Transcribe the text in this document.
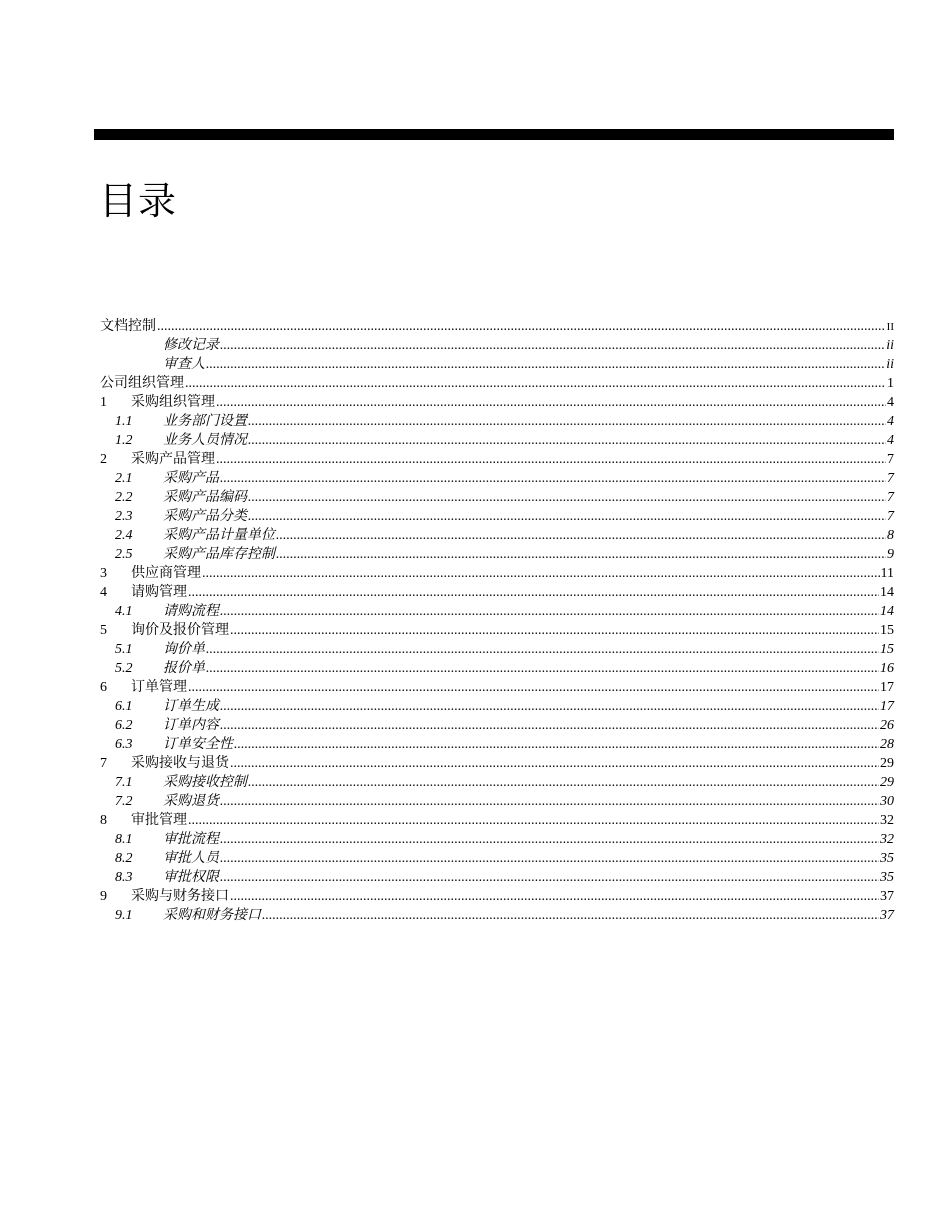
目录
文档控制 .....	II
修改记录 .....	ii
审查人 .....	ii
公司组织管理 .....	1
1	采购组织管理 .....	4
1.1	业务部门设置 .....	4
1.2	业务人员情况 .....	4
2	采购产品管理 .....	7
2.1	采购产品 .....	7
2.2	采购产品编码 .....	7
2.3	采购产品分类 .....	7
2.4	采购产品计量单位 .....	8
2.5	采购产品库存控制 .....	9
3	供应商管理 .....	11
4	请购管理 .....	14
4.1	请购流程 .....	14
5	询价及报价管理 .....	15
5.1	询价单 .....	15
5.2	报价单 .....	16
6	订单管理 .....	17
6.1	订单生成 .....	17
6.2	订单内容 .....	26
6.3	订单安全性 .....	28
7	采购接收与退货 .....	29
7.1	采购接收控制 .....	29
7.2	采购退货 .....	30
8	审批管理 .....	32
8.1	审批流程 .....	32
8.2	审批人员 .....	35
8.3	审批权限 .....	35
9	采购与财务接口 .....	37
9.1	采购和财务接口 .....	37
